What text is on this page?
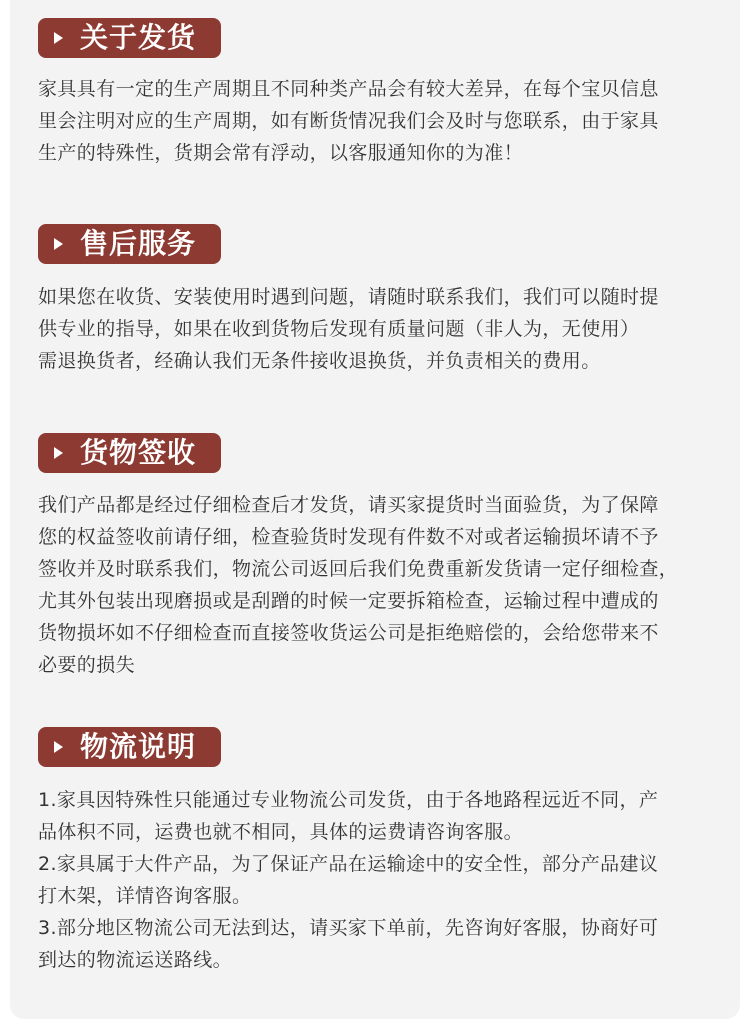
关于发货

家具具有一定的生产周期且不同种类产品会有较大差异，在每个宝贝信息
里会注明对应的生产周期，如有断货情况我们会及时与您联系，由于家具
生产的特殊性，货期会常有浮动，以客服通知你的为准！

售后服务

如果您在收货、安装使用时遇到问题，请随时联系我们，我们可以随时提
供专业的指导，如果在收到货物后发现有质量问题（非人为，无使用）
需退换货者，经确认我们无条件接收退换货，并负责相关的费用。

货物签收

我们产品都是经过仔细检查后才发货，请买家提货时当面验货，为了保障
您的权益签收前请仔细，检查验货时发现有件数不对或者运输损坏请不予
签收并及时联系我们，物流公司返回后我们免费重新发货请一定仔细检查，
尤其外包装出现磨损或是刮蹭的时候一定要拆箱检查，运输过程中遭成的
货物损坏如不仔细检查而直接签收货运公司是拒绝赔偿的，会给您带来不
必要的损失

物流说明

1.家具因特殊性只能通过专业物流公司发货，由于各地路程远近不同，产
品体积不同，运费也就不相同，具体的运费请咨询客服。
2.家具属于大件产品，为了保证产品在运输途中的安全性，部分产品建议
打木架，详情咨询客服。
3.部分地区物流公司无法到达，请买家下单前，先咨询好客服，协商好可
到达的物流运送路线。
